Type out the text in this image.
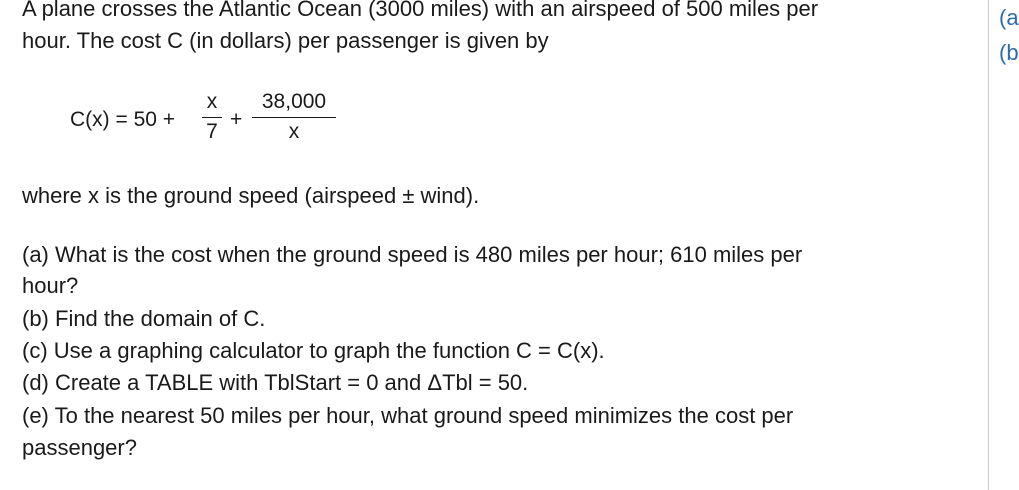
A plane crosses the Atlantic Ocean (3000 miles) with an airspeed of 500 miles per
hour. The cost C (in dollars) per passenger is given by
C(x) = 50 +
x
7
+
38,000
x
where x is the ground speed (airspeed ± wind).
(a) What is the cost when the ground speed is 480 miles per hour; 610 miles per
hour?
(b) Find the domain of C.
(c) Use a graphing calculator to graph the function C = C(x).
(d) Create a TABLE with TblStart = 0 and ΔTbl = 50.
(e) To the nearest 50 miles per hour, what ground speed minimizes the cost per
passenger?
(a
(b
